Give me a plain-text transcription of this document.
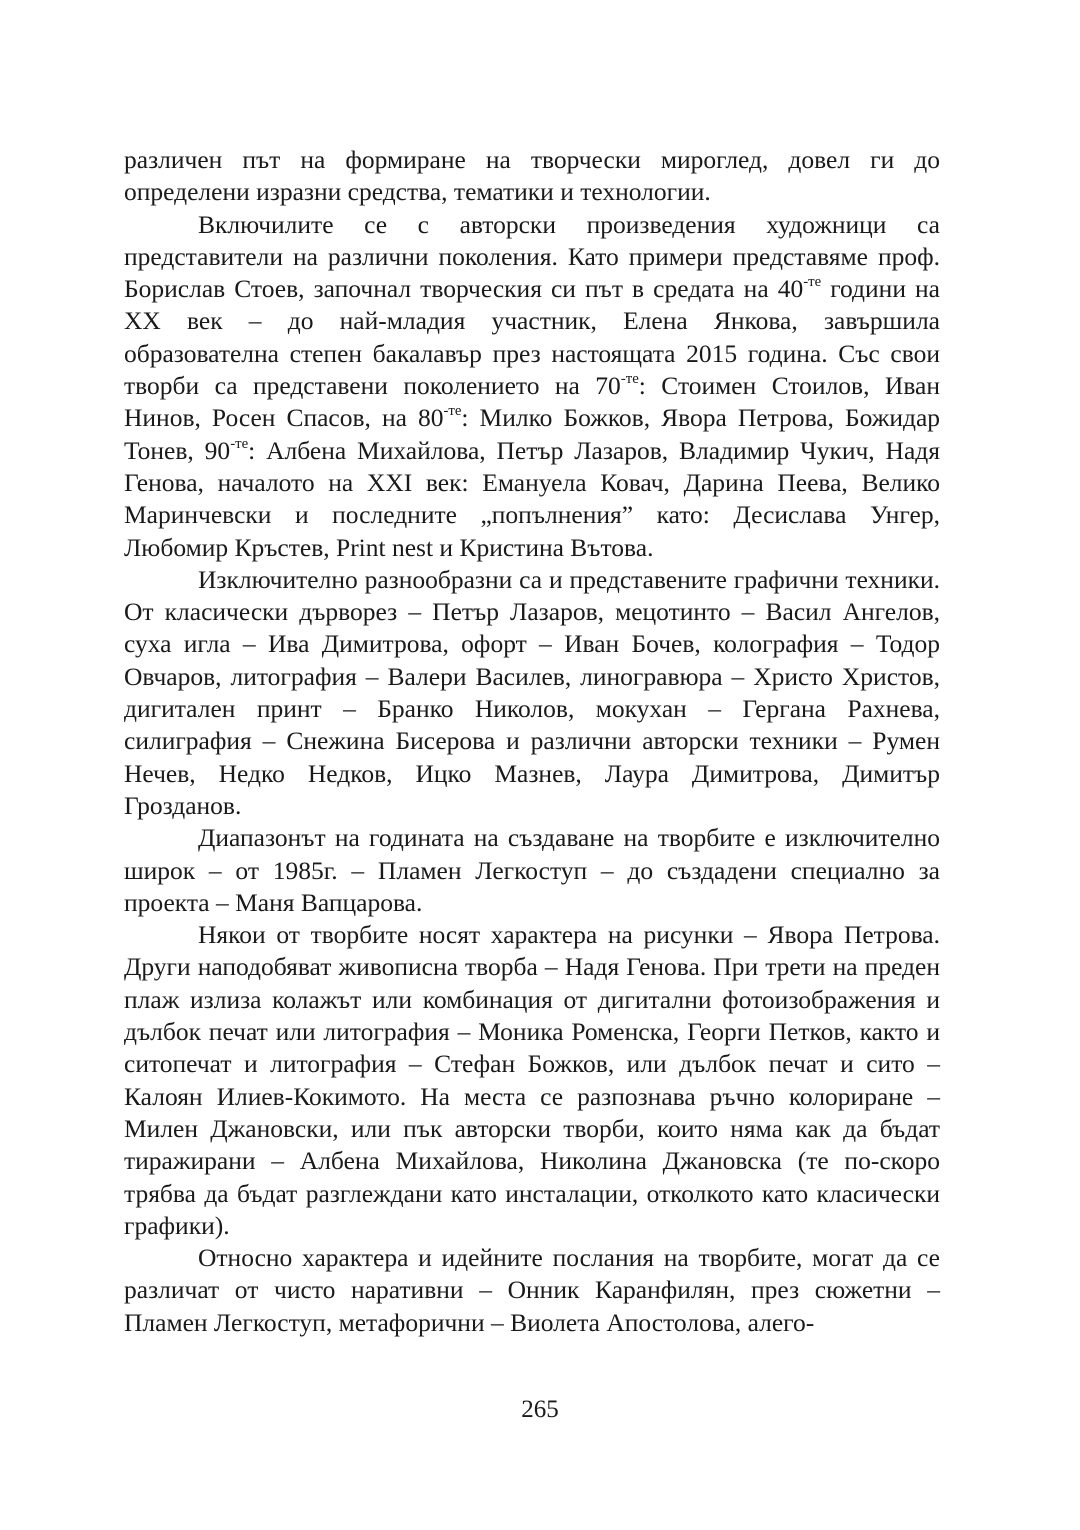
различен път на формиране на творчески мироглед, довел ги до определени изразни средства, тематики и технологии.

Включилите се с авторски произведения художници са представители на различни поколения. Като примери представяме проф. Борислав Стоев, започнал творческия си път в средата на $40^{-те}$ години на XX век – до най-младия участник, Елена Янкова, завършила образователна степен бакалавър през настоящата 2015 година. Със свои творби са представени поколението на $70^{-те}$: Стоимен Стоилов, Иван Нинов, Росен Спасов, на $80^{-те}$: Милко Божков, Явора Петрова, Божидар Тонев, $90^{-те}$: Албена Михайлова, Петър Лазаров, Владимир Чукич, Надя Генова, началото на XXI век: Емануела Ковач, Дарина Пеева, Велико Маринчевски и последните „попълнения” като: Десислава Унгер, Любомир Кръстев, Print nest и Кристина Вътова.

Изключително разнообразни са и представените графични техники. От класически дърворез – Петър Лазаров, мецотинто – Васил Ангелов, суха игла – Ива Димитрова, офорт – Иван Бочев, колография – Тодор Овчаров, литография – Валери Василев, линогравюра – Христо Христов, дигитален принт – Бранко Николов, мокухан – Гергана Рахнева, силиграфия – Снежина Бисерова и различни авторски техники – Румен Нечев, Недко Недков, Ицко Мазнев, Лаура Димитрова, Димитър Грозданов.

Диапазонът на годината на създаване на творбите е изключително широк – от 1985г. – Пламен Легкоступ – до създадени специално за проекта – Маня Вапцарова.

Някои от творбите носят характера на рисунки – Явора Петрова. Други наподобяват живописна творба – Надя Генова. При трети на преден плаж излиза колажът или комбинация от дигитални фотоизображения и дълбок печат или литография – Моника Роменска, Георги Петков, както и ситопечат и литография – Стефан Божков, или дълбок печат и сито – Калоян Илиев-Кокимото. На места се разпознава ръчно колориране – Милен Джановски, или пък авторски творби, които няма как да бъдат тиражирани – Албена Михайлова, Николина Джановска (те по-скоро трябва да бъдат разглеждани като инсталации, отколкото като класически графики).

Относно характера и идейните послания на творбите, могат да се различат от чисто наративни – Онник Каранфилян, през сюжетни – Пламен Легкоступ, метафорични – Виолета Апостолова, алего-

265
